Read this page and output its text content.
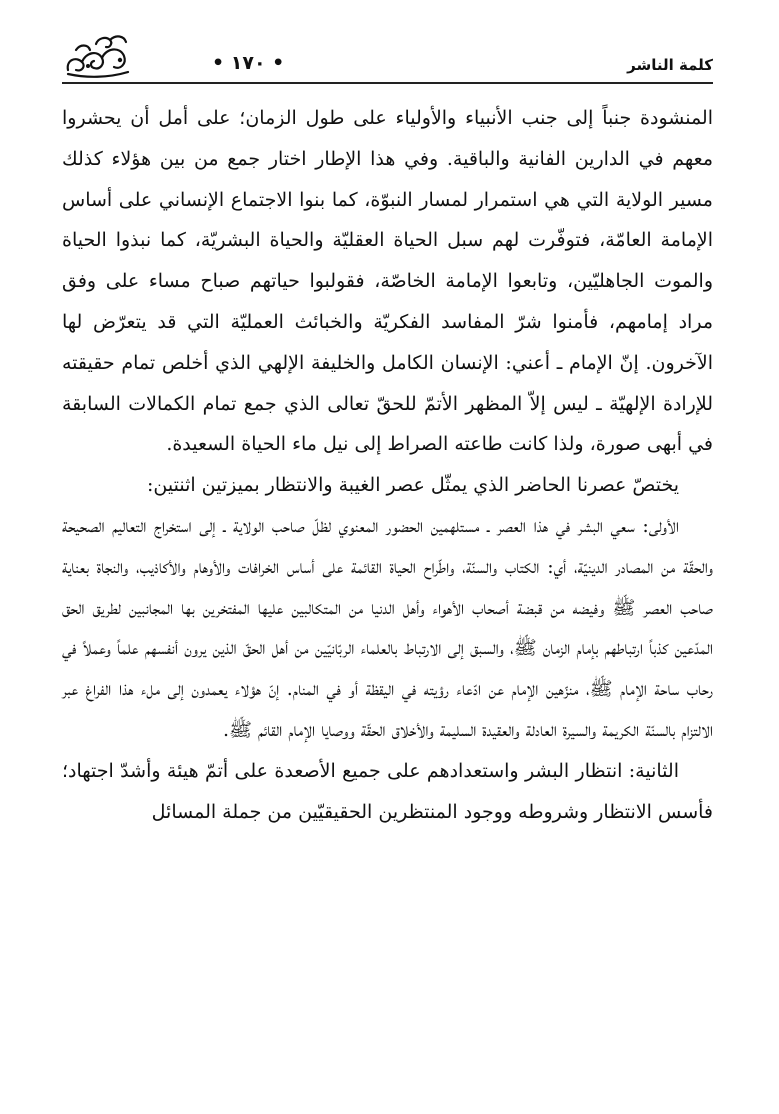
• ١٧٠ •	كلمة الناشر

المنشودة جنباً إلى جنب الأنبياء والأولياء على طول الزمان؛ على أمل أن يحشروا معهم في الدارين الفانية والباقية. وفي هذا الإطار اختار جمع من بين هؤلاء كذلك مسير الولاية التي هي استمرار لمسار النبوّة، كما بنوا الاجتماع الإنساني على أساس الإمامة العامّة، فتوفّرت لهم سبل الحياة العقليّة والحياة البشريّة، كما نبذوا الحياة والموت الجاهليّين، وتابعوا الإمامة الخاصّة، فقولبوا حياتهم صباح مساء على وفق مراد إمامهم، فأمنوا شرّ المفاسد الفكريّة والخبائث العمليّة التي قد يتعرّض لها الآخرون. إنّ الإمام ـ أعني: الإنسان الكامل والخليفة الإلهي الذي أخلص تمام حقيقته للإرادة الإلهيّة ـ ليس إلاّ المظهر الأتمّ للحقّ تعالى الذي جمع تمام الكمالات السابقة في أبهى صورة، ولذا كانت طاعته الصراط إلى نيل ماء الحياة السعيدة.

يختصّ عصرنا الحاضر الذي يمثّل عصر الغيبة والانتظار بميزتين اثنتين:

الأولى: سعي البشر في هذا العصر ـ مستلهمين الحضور المعنوي لظلّ صاحب الولاية ـ إلى استخراج التعاليم الصحيحة والحقّة من المصادر الدينيّة، أي: الكتاب والسنّة، واطّراح الحياة القائمة على أساس الخرافات والأوهام والأكاذيب، والنجاة بعناية صاحب العصر ﷺ وفيضه من قبضة أصحاب الأهواء وأهل الدنيا من المتكالبين عليها المفتخرين بها المجانبين لطريق الحق المدّعين كذباً ارتباطهم بإمام الزمان ﷺ، والسبق إلى الارتباط بالعلماء الربّانيّين من أهل الحقّ الذين يرون أنفسهم علماً وعملاً في رحاب ساحة الإمام ﷺ، منزّهين الإمام عن ادّعاء رؤيته في اليقظة أو في المنام. إنّ هؤلاء يعمدون إلى ملء هذا الفراغ عبر الالتزام بالسنّة الكريمة والسيرة العادلة والعقيدة السليمة والأخلاق الحقّة ووصايا الإمام القائم ﷺ.

الثانية: انتظار البشر واستعدادهم على جميع الأصعدة على أتمّ هيئة وأشدّ اجتهاد؛ فأسس الانتظار وشروطه ووجود المنتظرين الحقيقيّين من جملة المسائل
